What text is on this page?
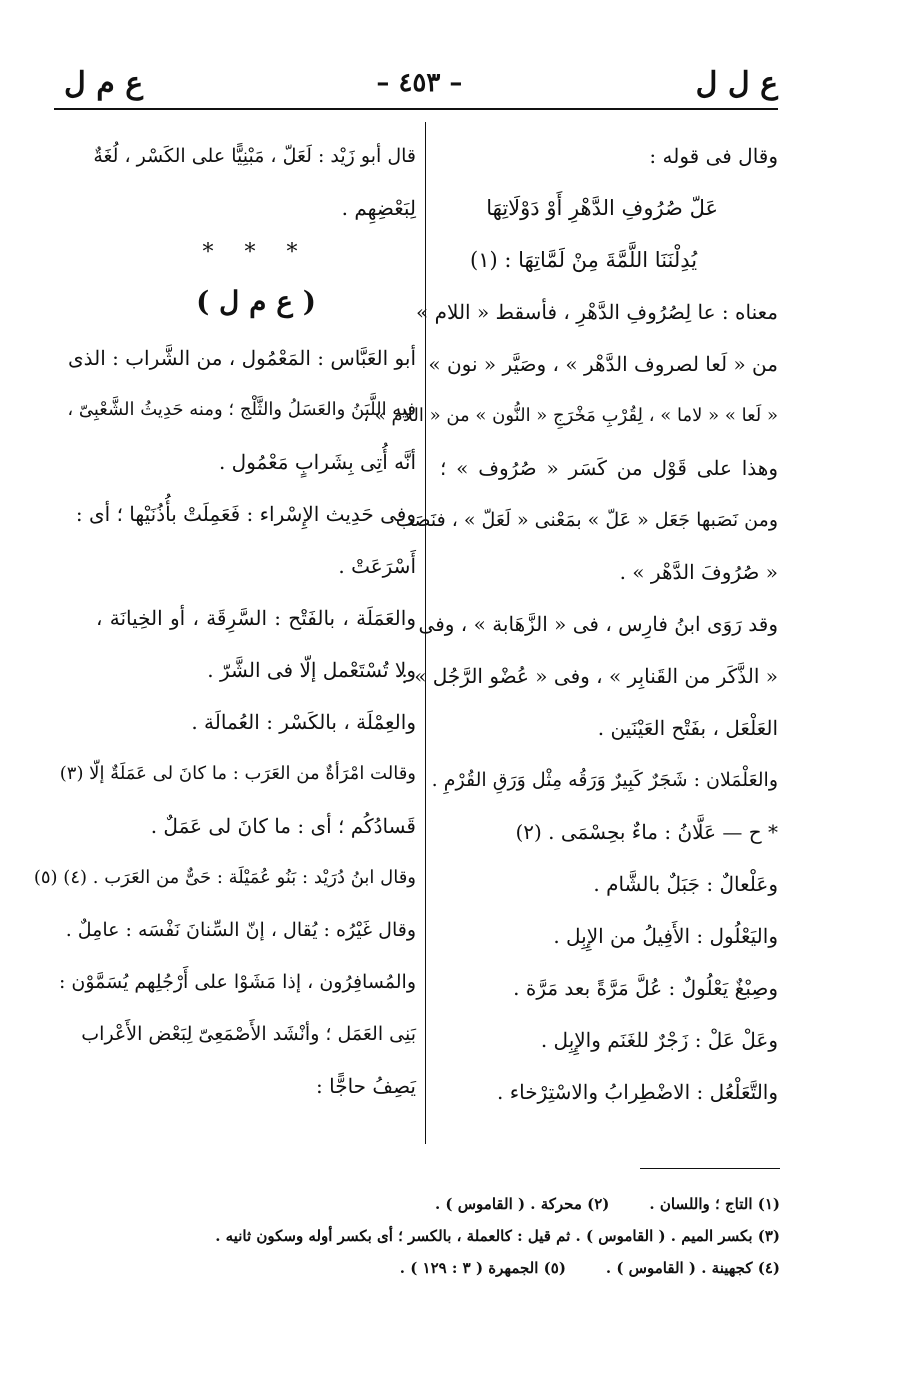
ع ل ل
– ٤٥٣ –
ع م ل
وقال فى قوله :
عَلّ صُرُوفِ الدَّهْرِ أَوْ دَوْلَاتِهَا
يُدِلْنَنَا اللَّمَّةَ مِنْ لَمَّاتِهَا : (١)
معناه : عا لِصُرُوفِ الدَّهْرِ ، فأسقط « اللام »
من « لَعا لصروف الدَّهْر » ، وصَيَّر « نون »
« لَعا » « لاما » ، لِقُرْبِ مَخْرَجِ « النُّون » من « اللام » ،
وهذا على قَوْل من كَسَر « صُرُوف » ؛
ومن نَصَبها جَعَل « عَلّ » بمَعْنى « لَعَلّ » ، فنَصَب
« صُرُوفَ الدَّهْر » .
وقد رَوَى ابنُ فارِس ، فى « الزَّهَابة » ، وفى
« الذَّكَر من القَنابِر » ، وفى « عُضْو الرَّجُل » :
العَلْعَل ، بفَتْح العَيْنَين .
والعَلْمَلان : شَجَرٌ كَبِيرٌ وَرَقُه مِثْل وَرَقِ القُرْمِ .
* ح — عَلَّانُ : ماءٌ بحِسْمَى . (٢)
وعَلْعالٌ : جَبَلٌ بالشَّام .
واليَعْلُول : الأَفِيلُ من الإِبِل .
وصِبْغٌ يَعْلُولٌ : عُلَّ مَرَّةً بعد مَرَّة .
وعَلْ عَلْ : زَجْرٌ للغَنَم والإِبِل .
والتَّعَلْعُل : الاضْطِرابُ والاسْتِرْخاء .
قال أبو زَيْد : لَعَلّ ، مَبْنِيًّا على الكَسْر ، لُغَةٌ
لِبَعْضِهِم .
* * *
( ع م ل )
أبو العَبَّاس : المَعْمُول ، من الشَّراب : الذى
فيه اللَّبَنُ والعَسَلُ والثَّلْج ؛ ومنه حَدِيثُ الشَّعْبِىّ ،
أنَّه أُتِى بِشَرابٍ مَعْمُول .
وفى حَدِيث الإِسْراء : فَعَمِلَتْ بأُذُنَيْها ؛ أى :
أَسْرَعَتْ .
والعَمَلَة ، بالفَتْح : السَّرِقَة ، أو الخِيانَة ،
ولا تُسْتَعْمل إلّا فى الشَّرّ .
والعِمْلَة ، بالكَسْر : العُمالَة .
وقالت امْرَأةٌ من العَرَب : ما كانَ لى عَمَلَةٌ إلّا (٣)
قَسادُكُم ؛ أى : ما كانَ لى عَمَلٌ .
وقال ابنُ دُرَيْد : بَنُو عُمَيْلَة : حَىٌّ من العَرَب . (٤) (٥)
وقال غَيْرُه : يُقال ، إنّ السِّنانَ نَفْسَه : عامِلٌ .
والمُسافِرُون ، إذا مَشَوْا على أَرْجُلِهم يُسَمَّوْن :
بَنِى العَمَل ؛ وأنْشَد الأَصْمَعِىّ لِبَعْض الأَعْراب
يَصِفُ حاجًّا :
(١) التاج ؛ واللسان .
(٢) محركة . ( القاموس ) .
(٣) بكسر الميم . ( القاموس ) . ثم قيل : كالعملة ، بالكسر ؛ أى بكسر أوله وسكون ثانيه .
(٤) كجهينة . ( القاموس ) .
(٥) الجمهرة ( ٣ : ١٢٩ ) .
